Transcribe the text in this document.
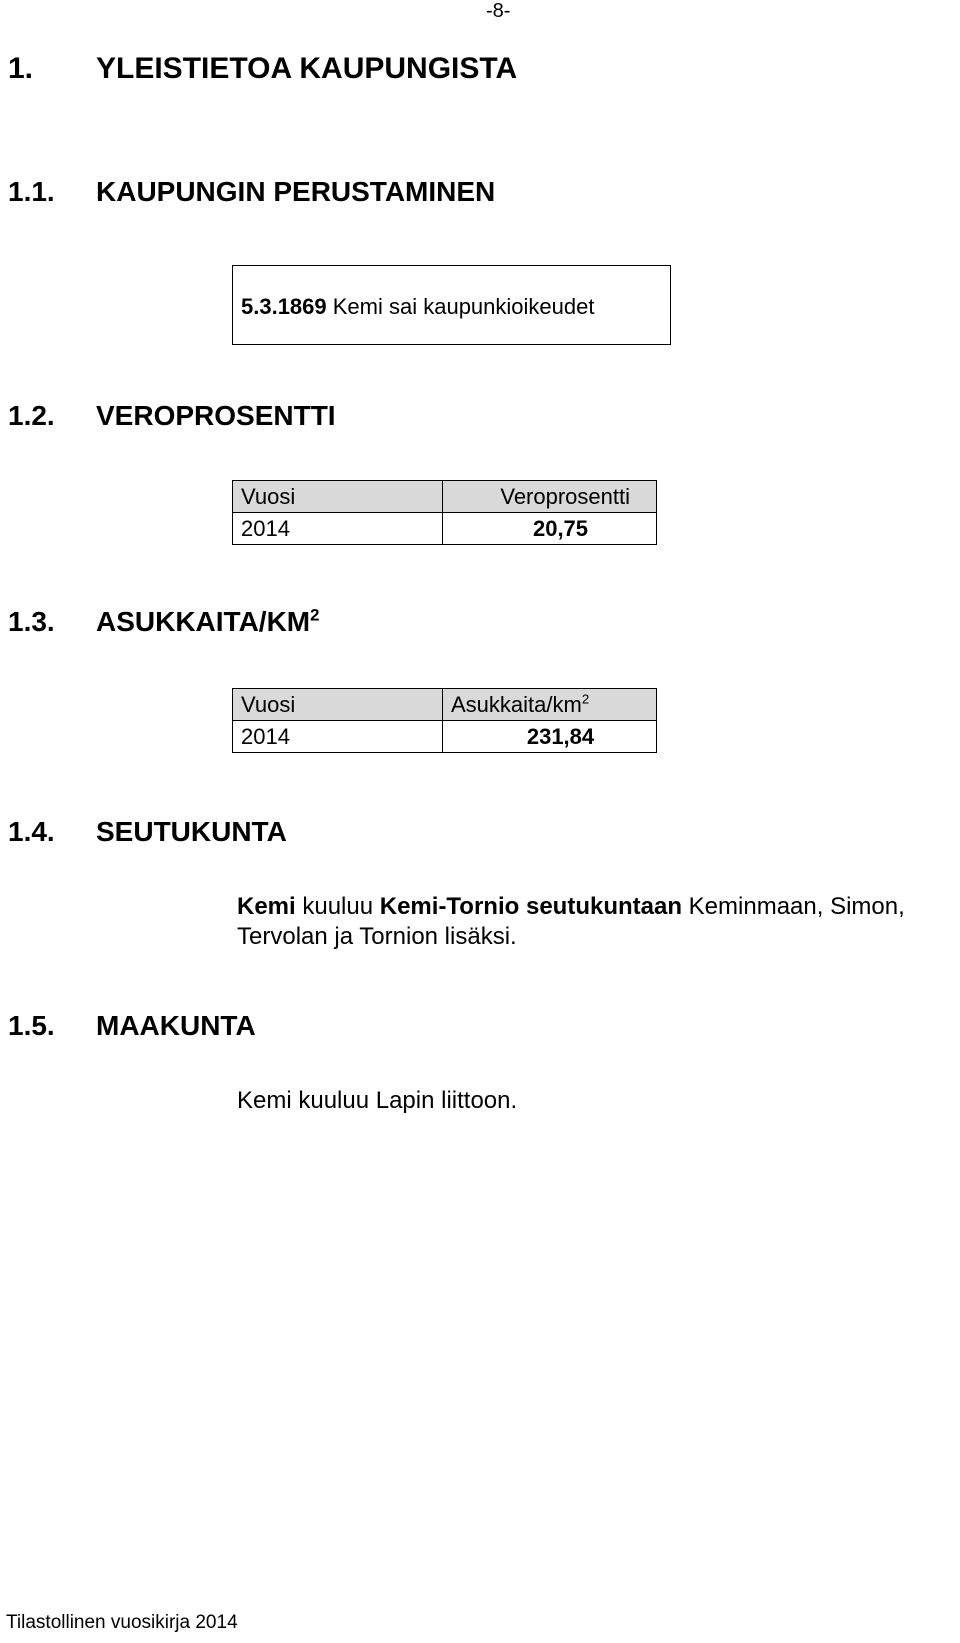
-8-
1. YLEISTIETOA KAUPUNGISTA
1.1. KAUPUNGIN PERUSTAMINEN
5.3.1869 Kemi sai kaupunkioikeudet
1.2. VEROPROSENTTI
Vuosi	Veroprosentti
2014	20,75
1.3. ASUKKAITA/$KM^2$
Vuosi	Asukkaita/$km^2$
2014	231,84
1.4. SEUTUKUNTA
Kemi kuuluu Kemi-Tornio seutukuntaan Keminmaan, Simon,
Tervolan ja Tornion lisäksi.
1.5. MAAKUNTA
Kemi kuuluu Lapin liittoon.
Tilastollinen vuosikirja 2014
